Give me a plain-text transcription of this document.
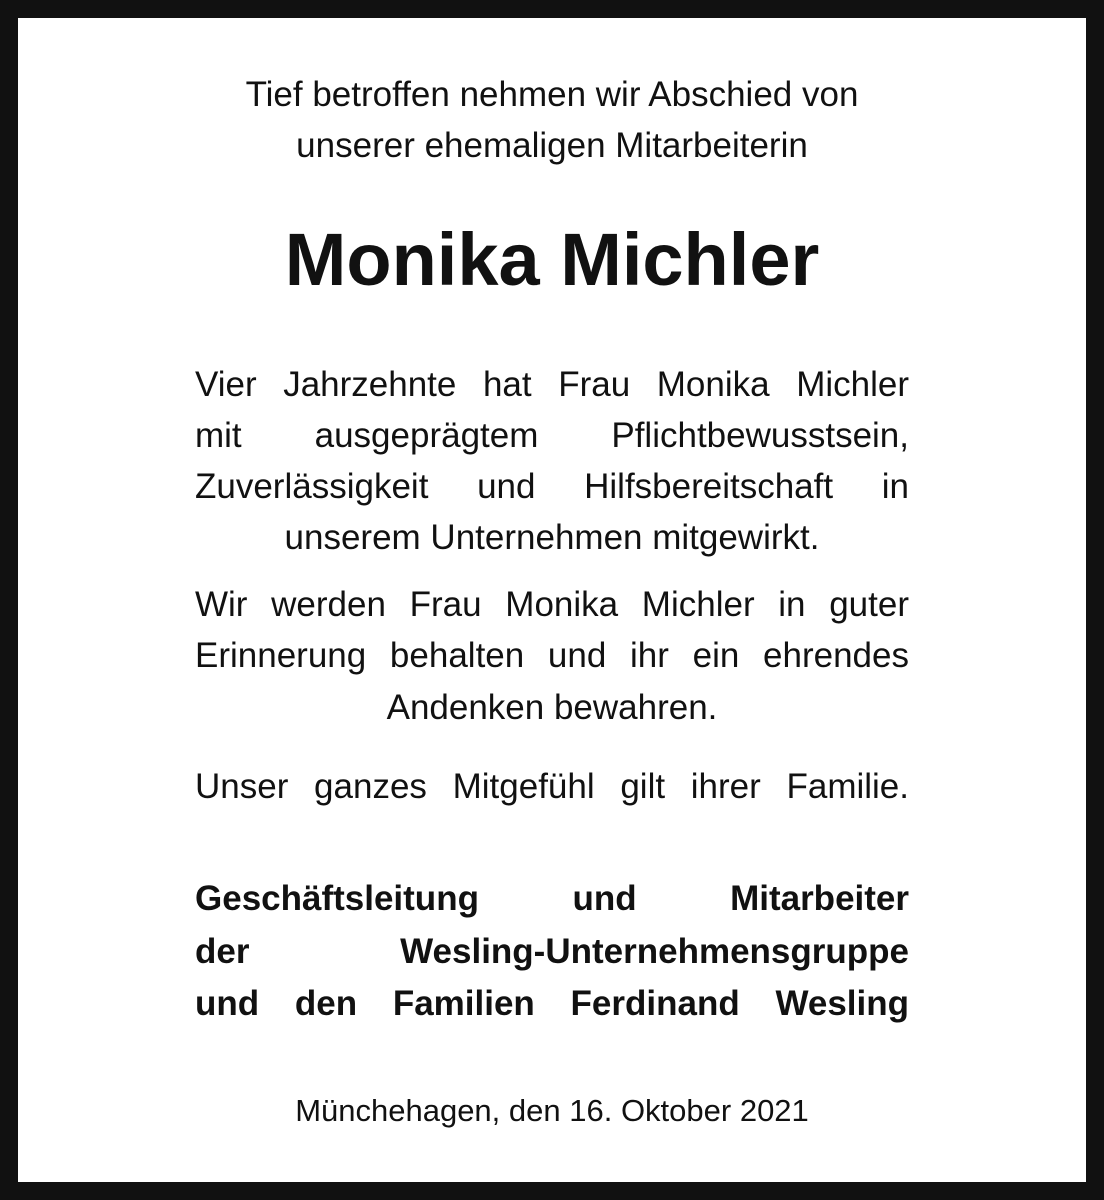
Tief betroffen nehmen wir Abschied von
unserer ehemaligen Mitarbeiterin
Monika Michler
Vier Jahrzehnte hat Frau Monika Michler
mit ausgeprägtem Pflichtbewusstsein,
Zuverlässigkeit und Hilfsbereitschaft in
unserem Unternehmen mitgewirkt.
Wir werden Frau Monika Michler in guter
Erinnerung behalten und ihr ein ehrendes
Andenken bewahren.
Unser ganzes Mitgefühl gilt ihrer Familie.
Geschäftsleitung und Mitarbeiter
der Wesling-Unternehmensgruppe
und den Familien Ferdinand Wesling
Münchehagen, den 16. Oktober 2021
